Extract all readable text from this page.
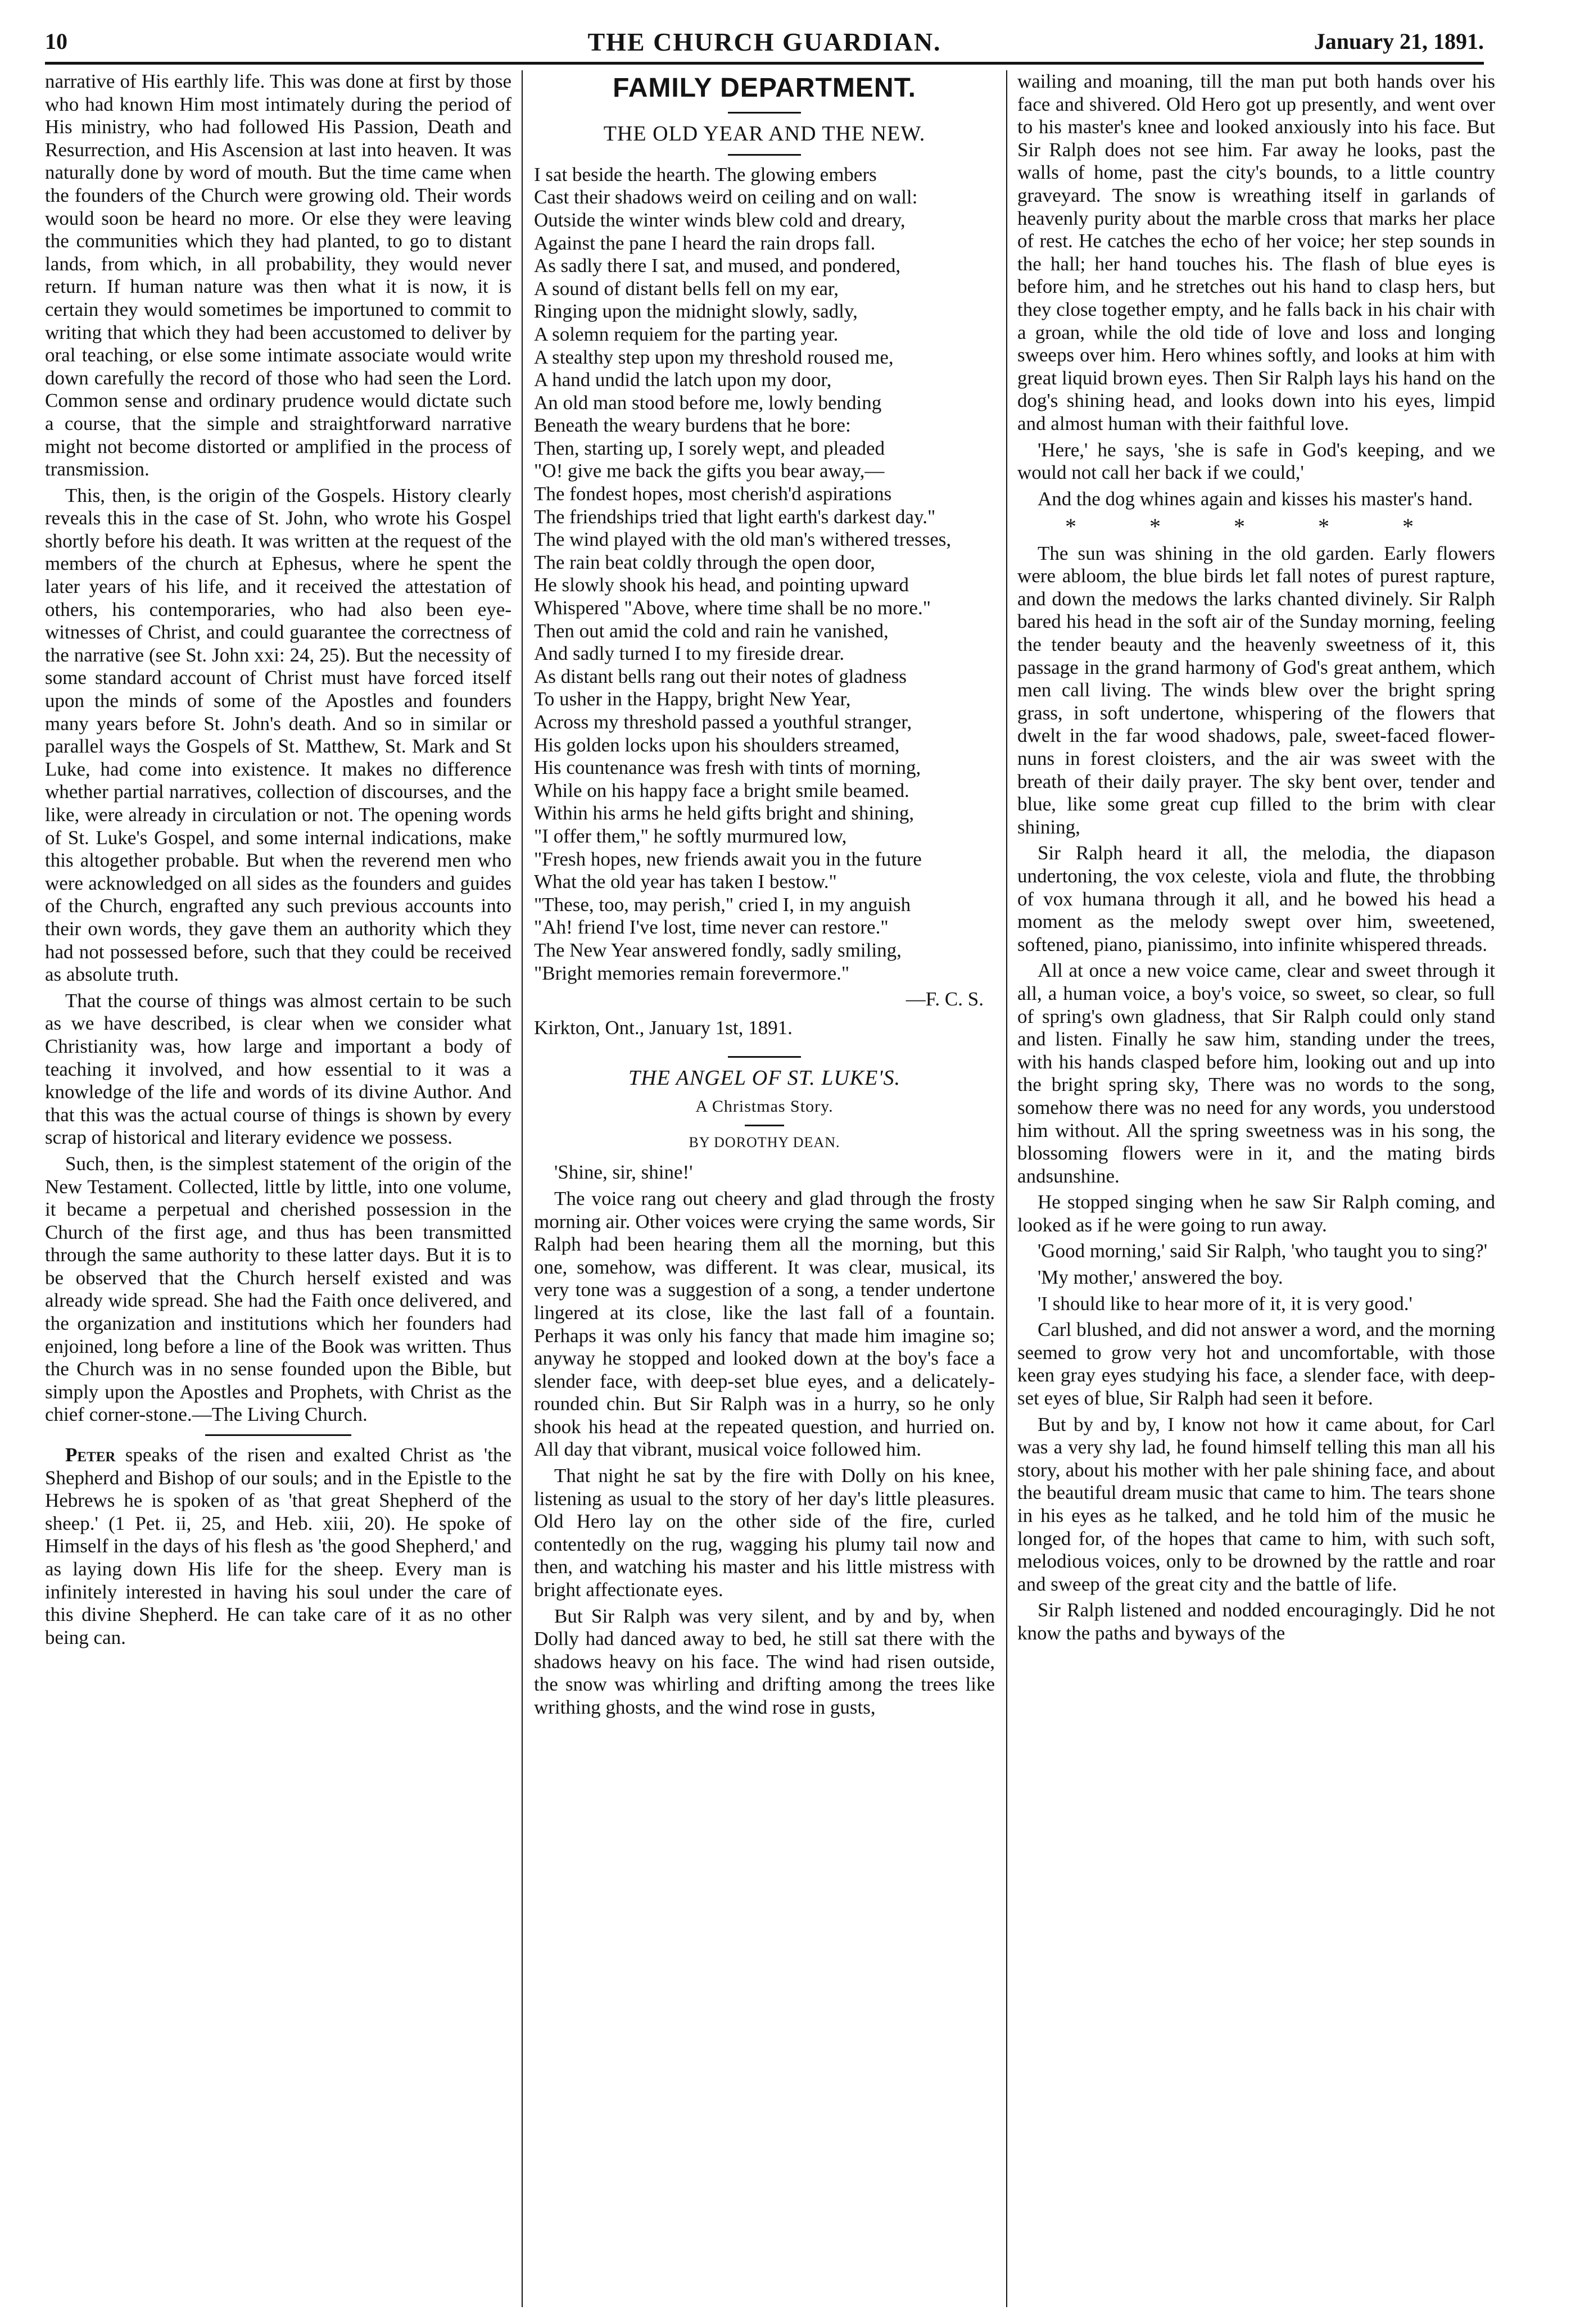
10	THE CHURCH GUARDIAN.	January 21, 1891.

narrative of His earthly life. This was done at first by those who had known Him most intimately during the period of His ministry, who had followed His Passion, Death and Resurrection, and His Ascension at last into heaven. It was naturally done by word of mouth. But the time came when the founders of the Church were growing old. Their words would soon be heard no more. Or else they were leaving the communities which they had planted, to go to distant lands, from which, in all probability, they would never return. If human nature was then what it is now, it is certain they would sometimes be importuned to commit to writing that which they had been accustomed to deliver by oral teaching, or else some intimate associate would write down carefully the record of those who had seen the Lord. Common sense and ordinary prudence would dictate such a course, that the simple and straightforward narrative might not become distorted or amplified in the process of transmission.

This, then, is the origin of the Gospels. History clearly reveals this in the case of St. John, who wrote his Gospel shortly before his death. It was written at the request of the members of the church at Ephesus, where he spent the later years of his life, and it received the attestation of others, his contemporaries, who had also been eye-witnesses of Christ, and could guarantee the correctness of the narrative (see St. John xxi: 24, 25). But the necessity of some standard account of Christ must have forced itself upon the minds of some of the Apostles and founders many years before St. John's death. And so in similar or parallel ways the Gospels of St. Matthew, St. Mark and St Luke, had come into existence. It makes no difference whether partial narratives, collection of discourses, and the like, were already in circulation or not. The opening words of St. Luke's Gospel, and some internal indications, make this altogether probable. But when the reverend men who were acknowledged on all sides as the founders and guides of the Church, engrafted any such previous accounts into their own words, they gave them an authority which they had not possessed before, such that they could be received as absolute truth.

That the course of things was almost certain to be such as we have described, is clear when we consider what Christianity was, how large and important a body of teaching it involved, and how essential to it was a knowledge of the life and words of its divine Author. And that this was the actual course of things is shown by every scrap of historical and literary evidence we possess.

Such, then, is the simplest statement of the origin of the New Testament. Collected, little by little, into one volume, it became a perpetual and cherished possession in the Church of the first age, and thus has been transmitted through the same authority to these latter days. But it is to be observed that the Church herself existed and was already wide spread. She had the Faith once delivered, and the organization and institutions which her founders had enjoined, long before a line of the Book was written. Thus the Church was in no sense founded upon the Bible, but simply upon the Apostles and Prophets, with Christ as the chief corner-stone.—The Living Church.

Peter speaks of the risen and exalted Christ as 'the Shepherd and Bishop of our souls; and in the Epistle to the Hebrews he is spoken of as 'that great Shepherd of the sheep.' (1 Pet. ii, 25, and Heb. xiii, 20). He spoke of Himself in the days of his flesh as 'the good Shepherd,' and as laying down His life for the sheep. Every man is infinitely interested in having his soul under the care of this divine Shepherd. He can take care of it as no other being can.

FAMILY DEPARTMENT.
THE OLD YEAR AND THE NEW.
I sat beside the hearth. The glowing embers
Cast their shadows weird on ceiling and on wall:
Outside the winter winds blew cold and dreary,
Against the pane I heard the rain drops fall.
As sadly there I sat, and mused, and pondered,
A sound of distant bells fell on my ear,
Ringing upon the midnight slowly, sadly,
A solemn requiem for the parting year.
A stealthy step upon my threshold roused me,
A hand undid the latch upon my door,
An old man stood before me, lowly bending
Beneath the weary burdens that he bore:
Then, starting up, I sorely wept, and pleaded
"O! give me back the gifts you bear away,—
The fondest hopes, most cherish'd aspirations
The friendships tried that light earth's darkest day."
The wind played with the old man's withered tresses,
The rain beat coldly through the open door,
He slowly shook his head, and pointing upward
Whispered "Above, where time shall be no more."
Then out amid the cold and rain he vanished,
And sadly turned I to my fireside drear.
As distant bells rang out their notes of gladness
To usher in the Happy, bright New Year,
Across my threshold passed a youthful stranger,
His golden locks upon his shoulders streamed,
His countenance was fresh with tints of morning,
While on his happy face a bright smile beamed.
Within his arms he held gifts bright and shining,
"I offer them," he softly murmured low,
"Fresh hopes, new friends await you in the future
What the old year has taken I bestow."
"These, too, may perish," cried I, in my anguish
"Ah! friend I've lost, time never can restore."
The New Year answered fondly, sadly smiling,
"Bright memories remain forevermore."
—F. C. S.

Kirkton, Ont., January 1st, 1891.

THE ANGEL OF ST. LUKE'S.
A Christmas Story.
BY DOROTHY DEAN.

'Shine, sir, shine!'

The voice rang out cheery and glad through the frosty morning air. Other voices were crying the same words, Sir Ralph had been hearing them all the morning, but this one, somehow, was different. It was clear, musical, its very tone was a suggestion of a song, a tender undertone lingered at its close, like the last fall of a fountain. Perhaps it was only his fancy that made him imagine so; anyway he stopped and looked down at the boy's face a slender face, with deep-set blue eyes, and a delicately-rounded chin. But Sir Ralph was in a hurry, so he only shook his head at the repeated question, and hurried on. All day that vibrant, musical voice followed him.

That night he sat by the fire with Dolly on his knee, listening as usual to the story of her day's little pleasures. Old Hero lay on the other side of the fire, curled contentedly on the rug, wagging his plumy tail now and then, and watching his master and his little mistress with bright affectionate eyes.

But Sir Ralph was very silent, and by and by, when Dolly had danced away to bed, he still sat there with the shadows heavy on his face. The wind had risen outside, the snow was whirling and drifting among the trees like writhing ghosts, and the wind rose in gusts,

wailing and moaning, till the man put both hands over his face and shivered. Old Hero got up presently, and went over to his master's knee and looked anxiously into his face. But Sir Ralph does not see him. Far away he looks, past the walls of home, past the city's bounds, to a little country graveyard. The snow is wreathing itself in garlands of heavenly purity about the marble cross that marks her place of rest. He catches the echo of her voice; her step sounds in the hall; her hand touches his. The flash of blue eyes is before him, and he stretches out his hand to clasp hers, but they close together empty, and he falls back in his chair with a groan, while the old tide of love and loss and longing sweeps over him. Hero whines softly, and looks at him with great liquid brown eyes. Then Sir Ralph lays his hand on the dog's shining head, and looks down into his eyes, limpid and almost human with their faithful love.

'Here,' he says, 'she is safe in God's keeping, and we would not call her back if we could,'

And the dog whines again and kisses his master's hand.

* * * * *

The sun was shining in the old garden. Early flowers were abloom, the blue birds let fall notes of purest rapture, and down the medows the larks chanted divinely. Sir Ralph bared his head in the soft air of the Sunday morning, feeling the tender beauty and the heavenly sweetness of it, this passage in the grand harmony of God's great anthem, which men call living. The winds blew over the bright spring grass, in soft undertone, whispering of the flowers that dwelt in the far wood shadows, pale, sweet-faced flower-nuns in forest cloisters, and the air was sweet with the breath of their daily prayer. The sky bent over, tender and blue, like some great cup filled to the brim with clear shining,

Sir Ralph heard it all, the melodia, the diapason undertoning, the vox celeste, viola and flute, the throbbing of vox humana through it all, and he bowed his head a moment as the melody swept over him, sweetened, softened, piano, pianissimo, into infinite whispered threads.

All at once a new voice came, clear and sweet through it all, a human voice, a boy's voice, so sweet, so clear, so full of spring's own gladness, that Sir Ralph could only stand and listen. Finally he saw him, standing under the trees, with his hands clasped before him, looking out and up into the bright spring sky, There was no words to the song, somehow there was no need for any words, you understood him without. All the spring sweetness was in his song, the blossoming flowers were in it, and the mating birds andsunshine.

He stopped singing when he saw Sir Ralph coming, and looked as if he were going to run away.

'Good morning,' said Sir Ralph, 'who taught you to sing?'

'My mother,' answered the boy.

'I should like to hear more of it, it is very good.'

Carl blushed, and did not answer a word, and the morning seemed to grow very hot and uncomfortable, with those keen gray eyes studying his face, a slender face, with deep-set eyes of blue, Sir Ralph had seen it before.

But by and by, I know not how it came about, for Carl was a very shy lad, he found himself telling this man all his story, about his mother with her pale shining face, and about the beautiful dream music that came to him. The tears shone in his eyes as he talked, and he told him of the music he longed for, of the hopes that came to him, with such soft, melodious voices, only to be drowned by the rattle and roar and sweep of the great city and the battle of life.

Sir Ralph listened and nodded encouragingly. Did he not know the paths and byways of the
